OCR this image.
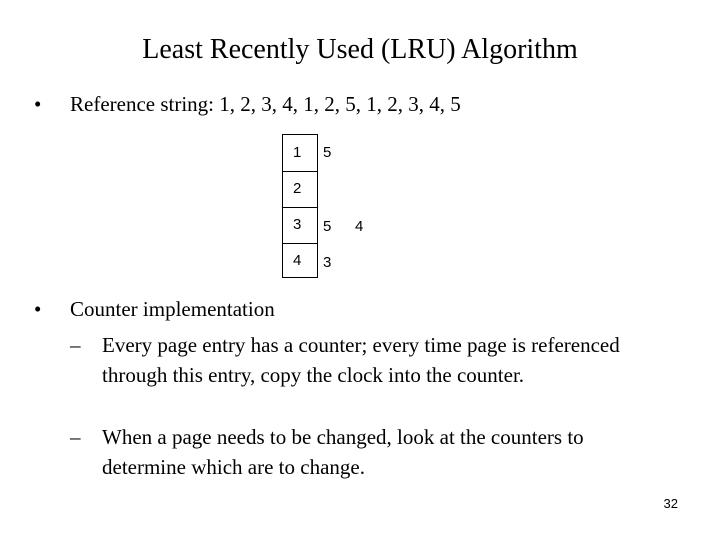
Least Recently Used (LRU) Algorithm
• Reference string: 1, 2, 3, 4, 1, 2, 5, 1, 2, 3, 4, 5
1
2
3
4
5
5 4
3
• Counter implementation
– Every page entry has a counter; every time page is referenced through this entry, copy the clock into the counter.
– When a page needs to be changed, look at the counters to determine which are to change.
32
